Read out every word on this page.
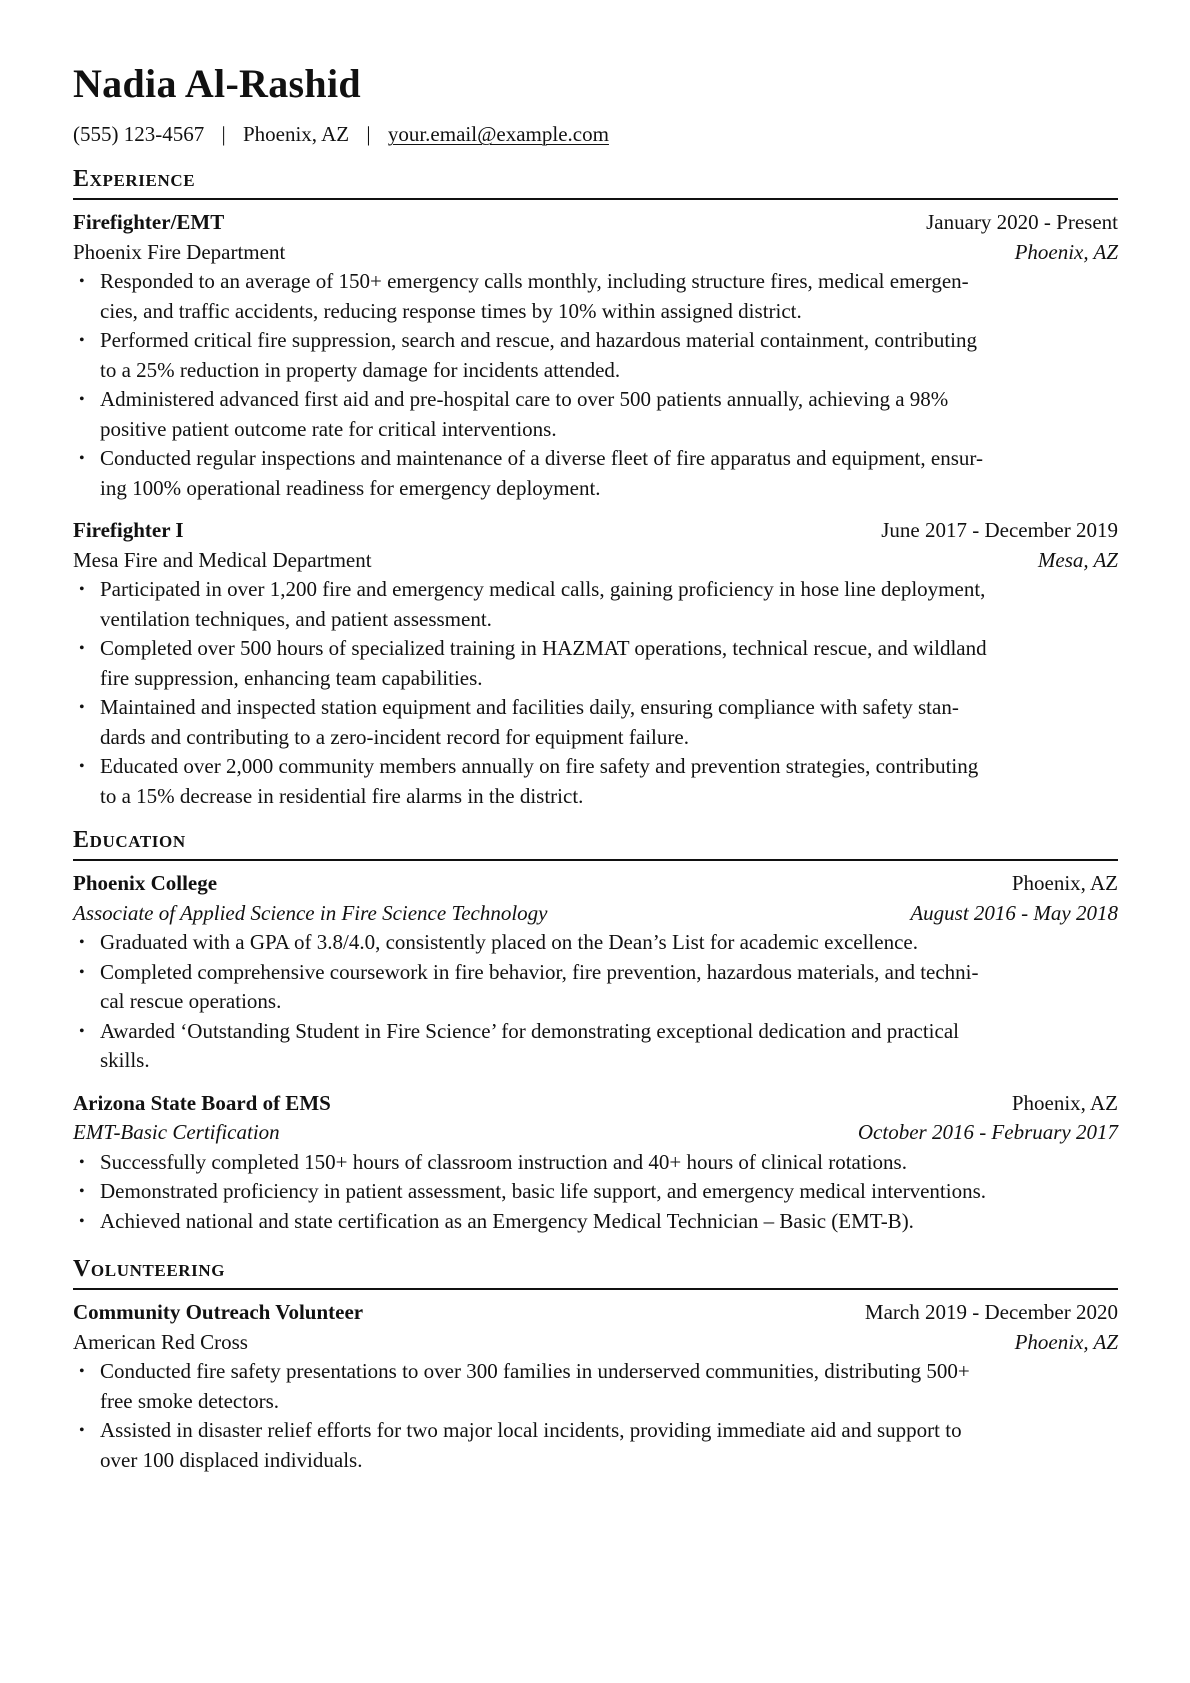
Nadia Al-Rashid
(555) 123-4567 | Phoenix, AZ | your.email@example.com
Experience
Firefighter/EMT	January 2020 - Present
Phoenix Fire Department	Phoenix, AZ
• Responded to an average of 150+ emergency calls monthly, including structure fires, medical emergen-
cies, and traffic accidents, reducing response times by 10% within assigned district.
• Performed critical fire suppression, search and rescue, and hazardous material containment, contributing
to a 25% reduction in property damage for incidents attended.
• Administered advanced first aid and pre-hospital care to over 500 patients annually, achieving a 98%
positive patient outcome rate for critical interventions.
• Conducted regular inspections and maintenance of a diverse fleet of fire apparatus and equipment, ensur-
ing 100% operational readiness for emergency deployment.
Firefighter I	June 2017 - December 2019
Mesa Fire and Medical Department	Mesa, AZ
• Participated in over 1,200 fire and emergency medical calls, gaining proficiency in hose line deployment,
ventilation techniques, and patient assessment.
• Completed over 500 hours of specialized training in HAZMAT operations, technical rescue, and wildland
fire suppression, enhancing team capabilities.
• Maintained and inspected station equipment and facilities daily, ensuring compliance with safety stan-
dards and contributing to a zero-incident record for equipment failure.
• Educated over 2,000 community members annually on fire safety and prevention strategies, contributing
to a 15% decrease in residential fire alarms in the district.
Education
Phoenix College	Phoenix, AZ
Associate of Applied Science in Fire Science Technology	August 2016 - May 2018
• Graduated with a GPA of 3.8/4.0, consistently placed on the Dean’s List for academic excellence.
• Completed comprehensive coursework in fire behavior, fire prevention, hazardous materials, and techni-
cal rescue operations.
• Awarded ‘Outstanding Student in Fire Science’ for demonstrating exceptional dedication and practical
skills.
Arizona State Board of EMS	Phoenix, AZ
EMT-Basic Certification	October 2016 - February 2017
• Successfully completed 150+ hours of classroom instruction and 40+ hours of clinical rotations.
• Demonstrated proficiency in patient assessment, basic life support, and emergency medical interventions.
• Achieved national and state certification as an Emergency Medical Technician – Basic (EMT-B).
Volunteering
Community Outreach Volunteer	March 2019 - December 2020
American Red Cross	Phoenix, AZ
• Conducted fire safety presentations to over 300 families in underserved communities, distributing 500+
free smoke detectors.
• Assisted in disaster relief efforts for two major local incidents, providing immediate aid and support to
over 100 displaced individuals.
